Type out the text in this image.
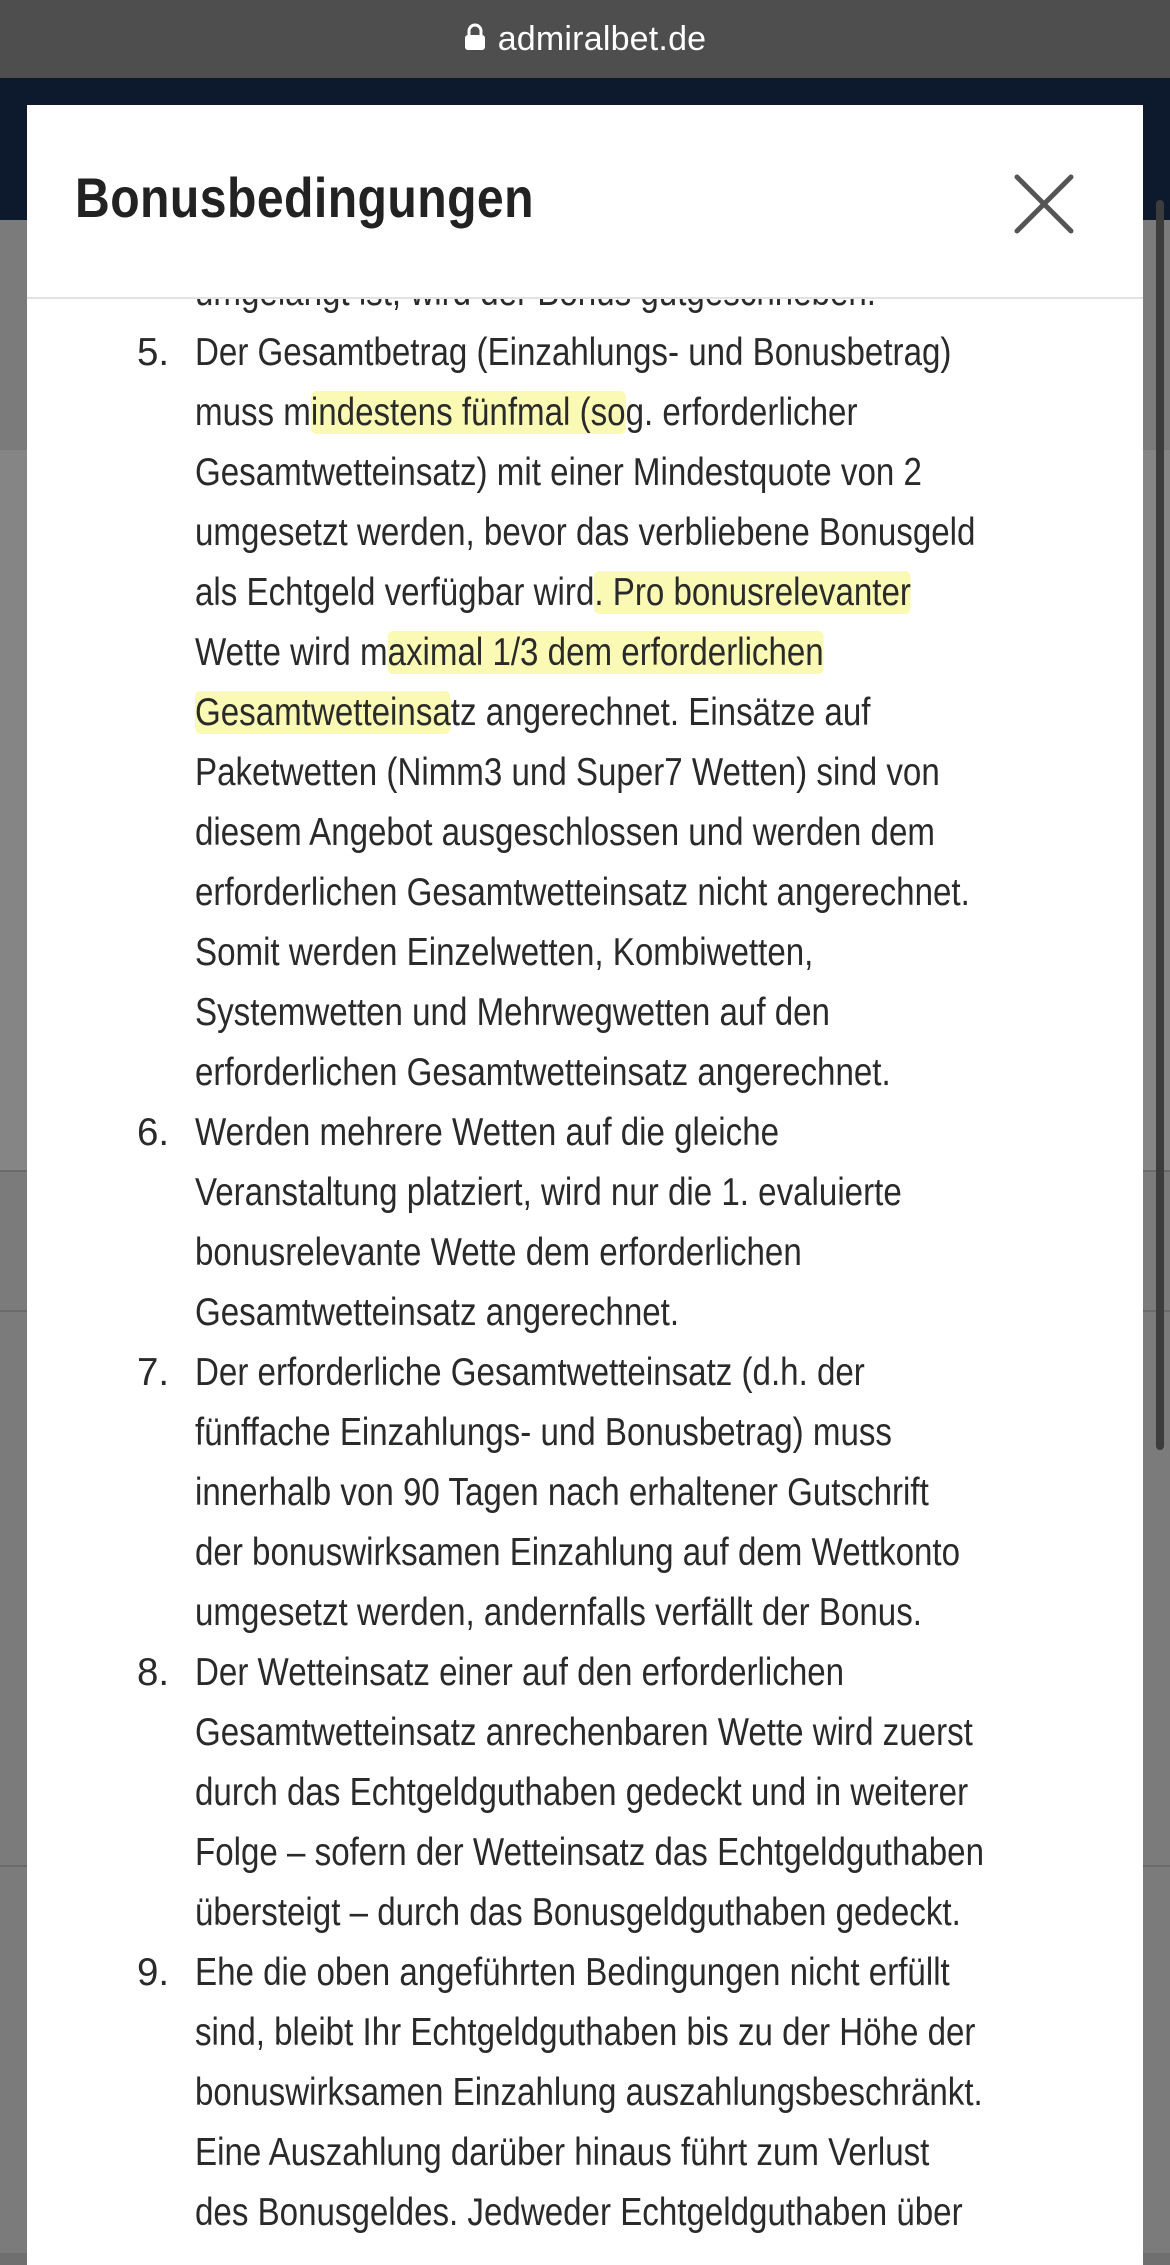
admiralbet.de
Bonusbedingungen
5. Der Gesamtbetrag (Einzahlungs- und Bonusbetrag)
muss mindestens fünfmal (sog. erforderlicher
Gesamtwetteinsatz) mit einer Mindestquote von 2
umgesetzt werden, bevor das verbliebene Bonusgeld
als Echtgeld verfügbar wird. Pro bonusrelevanter
Wette wird maximal 1/3 dem erforderlichen
Gesamtwetteinsatz angerechnet. Einsätze auf
Paketwetten (Nimm3 und Super7 Wetten) sind von
diesem Angebot ausgeschlossen und werden dem
erforderlichen Gesamtwetteinsatz nicht angerechnet.
Somit werden Einzelwetten, Kombiwetten,
Systemwetten und Mehrwegwetten auf den
erforderlichen Gesamtwetteinsatz angerechnet.
6. Werden mehrere Wetten auf die gleiche
Veranstaltung platziert, wird nur die 1. evaluierte
bonusrelevante Wette dem erforderlichen
Gesamtwetteinsatz angerechnet.
7. Der erforderliche Gesamtwetteinsatz (d.h. der
fünffache Einzahlungs- und Bonusbetrag) muss
innerhalb von 90 Tagen nach erhaltener Gutschrift
der bonuswirksamen Einzahlung auf dem Wettkonto
umgesetzt werden, andernfalls verfällt der Bonus.
8. Der Wetteinsatz einer auf den erforderlichen
Gesamtwetteinsatz anrechenbaren Wette wird zuerst
durch das Echtgeldguthaben gedeckt und in weiterer
Folge – sofern der Wetteinsatz das Echtgeldguthaben
übersteigt – durch das Bonusgeldguthaben gedeckt.
9. Ehe die oben angeführten Bedingungen nicht erfüllt
sind, bleibt Ihr Echtgeldguthaben bis zu der Höhe der
bonuswirksamen Einzahlung auszahlungsbeschränkt.
Eine Auszahlung darüber hinaus führt zum Verlust
des Bonusgeldes. Jedweder Echtgeldguthaben über
